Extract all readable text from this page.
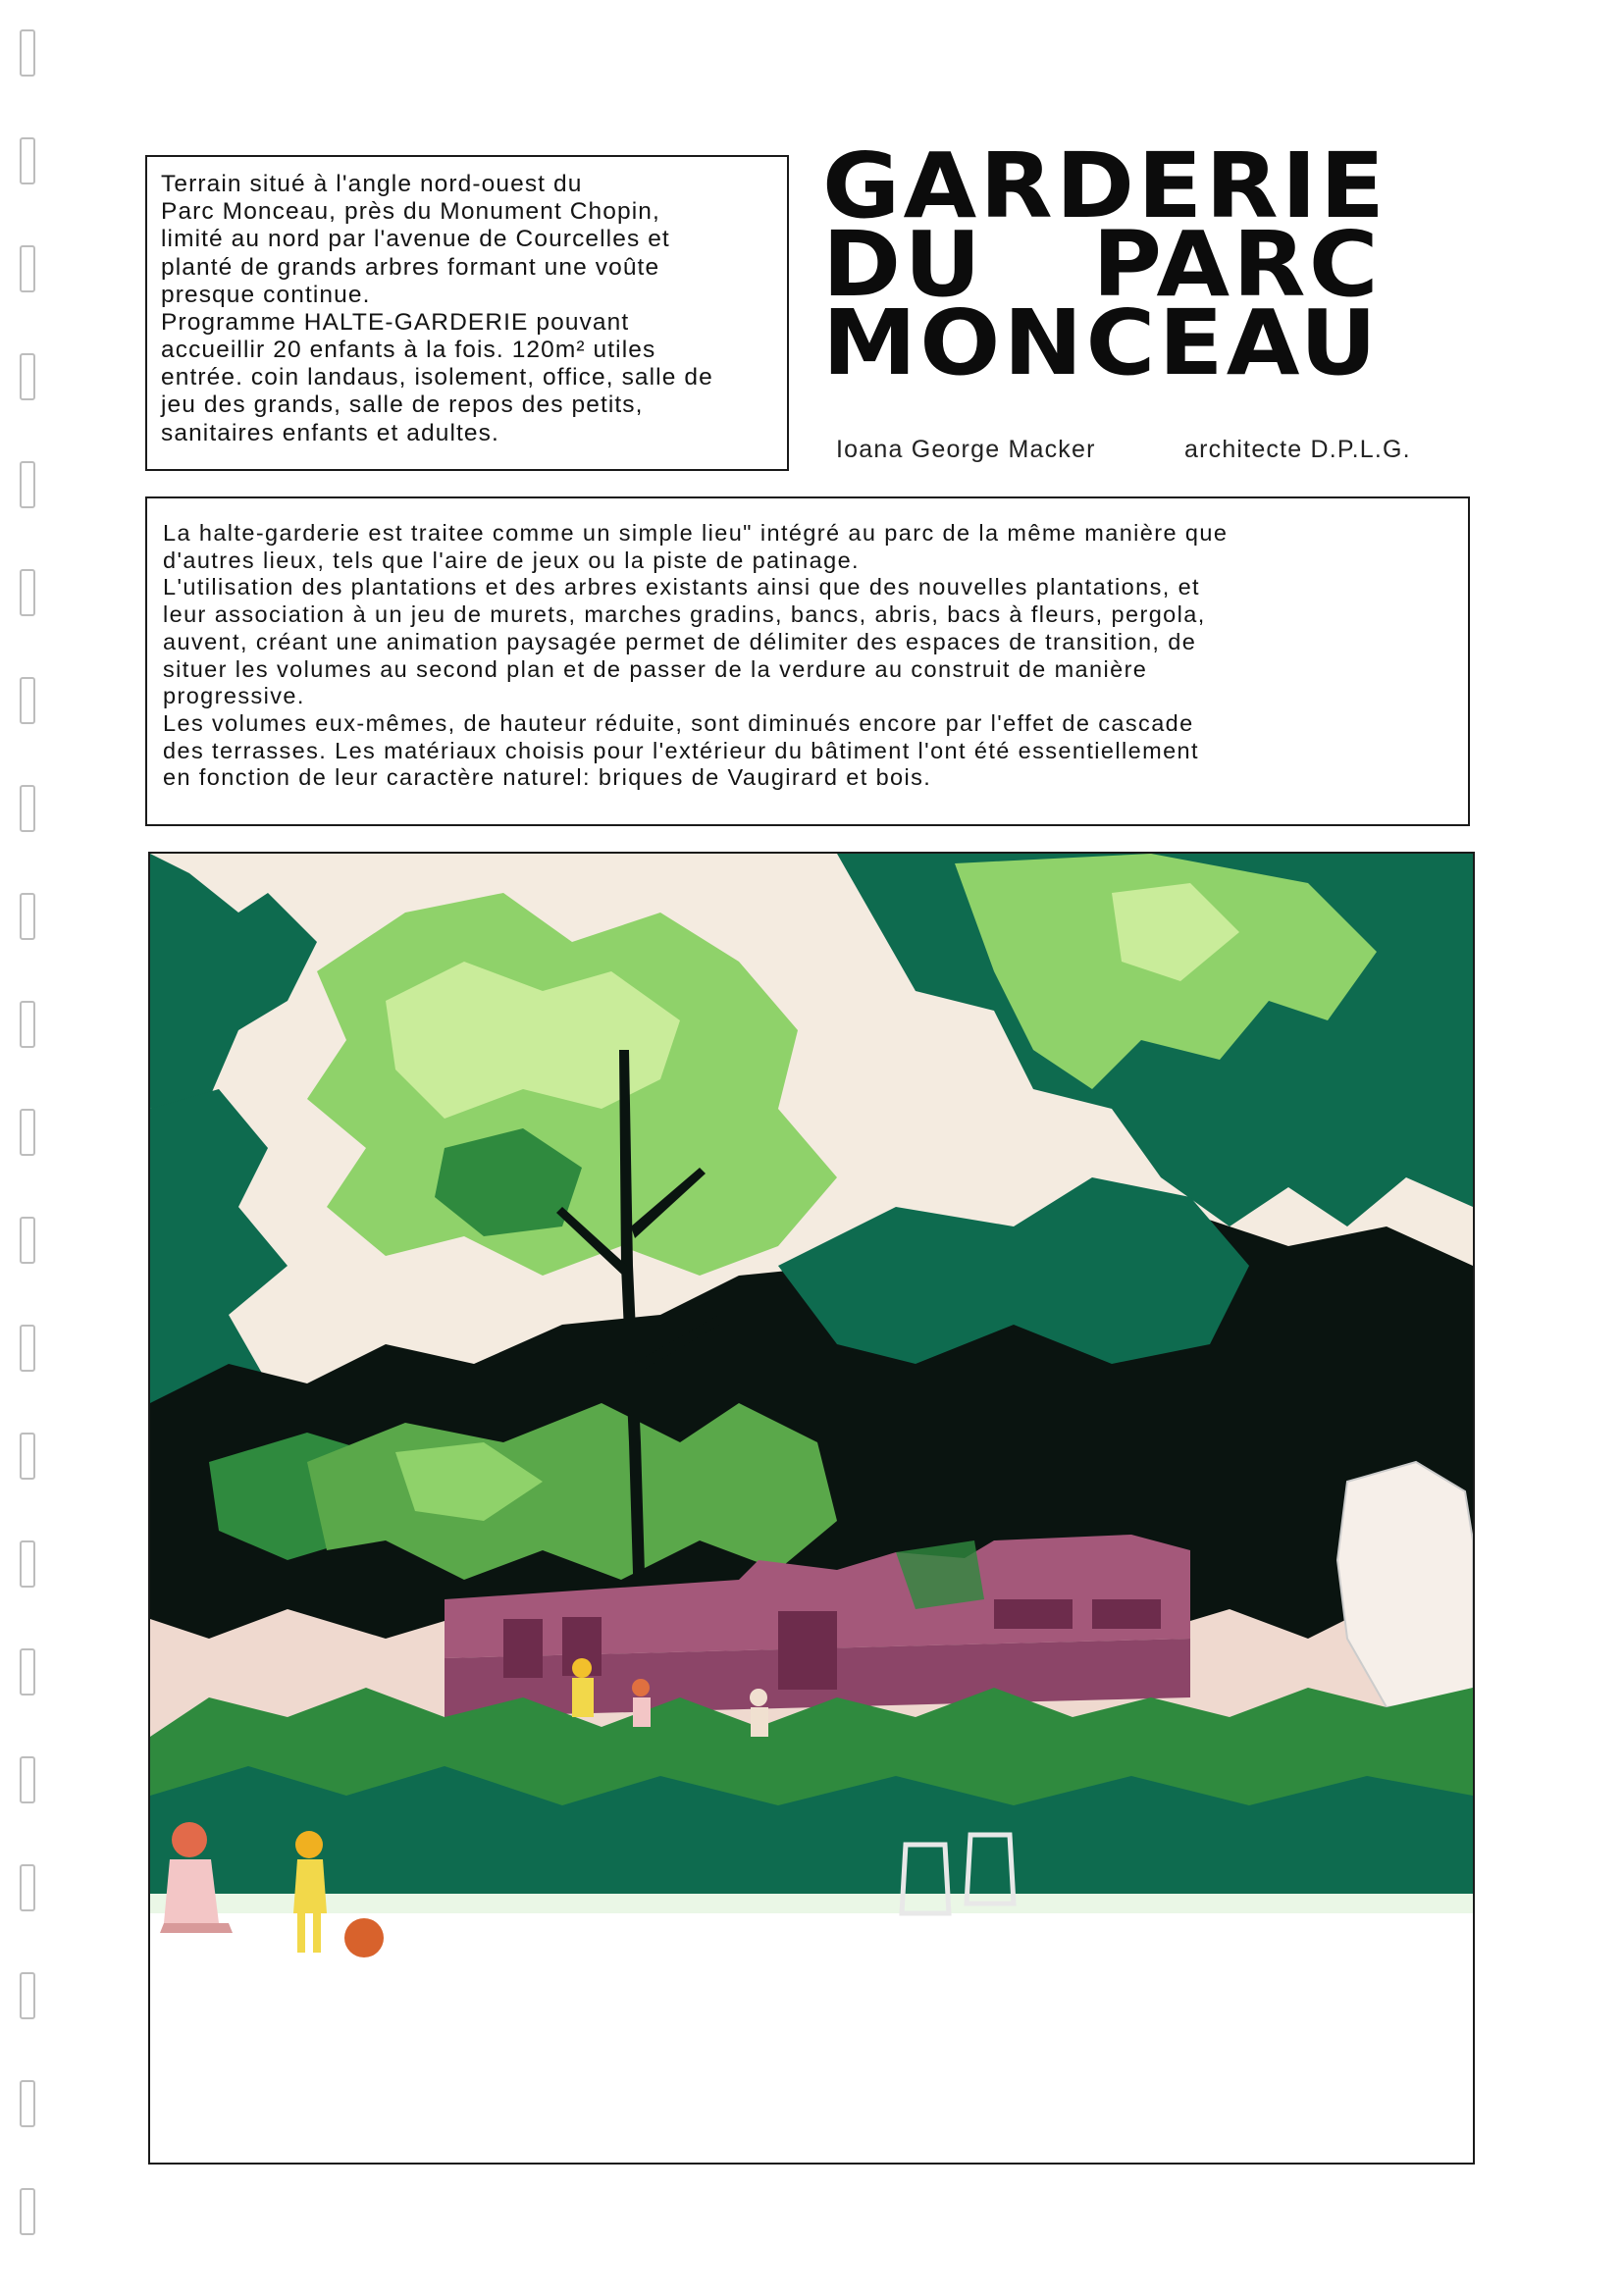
Terrain situé à l'angle nord-ouest du

Parc Monceau, près du Monument Chopin,

limité au nord par l'avenue de Courcelles et

planté de grands arbres formant une voûte

presque continue.

Programme HALTE-GARDERIE pouvant

accueillir 20 enfants à la fois. 120m² utiles

entrée. coin landaus, isolement, office, salle de

jeu des grands, salle de repos des petits,

sanitaires enfants et adultes.

GARDERIE
DU   PARC
MONCEAU
Ioana George Macker	architecte D.P.L.G.

La halte-garderie est traitee comme un simple lieu" intégré au parc de la même manière que

d'autres lieux, tels que l'aire de jeux ou la piste de patinage.

L'utilisation des plantations et des arbres existants ainsi que des nouvelles plantations, et

leur association à un jeu de murets, marches gradins, bancs, abris, bacs à fleurs, pergola,

auvent, créant une animation paysagée permet de délimiter des espaces de transition, de

situer les volumes au second plan et de passer de la verdure au construit de manière

progressive.

Les volumes eux-mêmes, de hauteur réduite, sont diminués encore par l'effet de cascade

des terrasses. Les matériaux choisis pour l'extérieur du bâtiment l'ont été essentiellement

en fonction de leur caractère naturel: briques de Vaugirard et bois.
